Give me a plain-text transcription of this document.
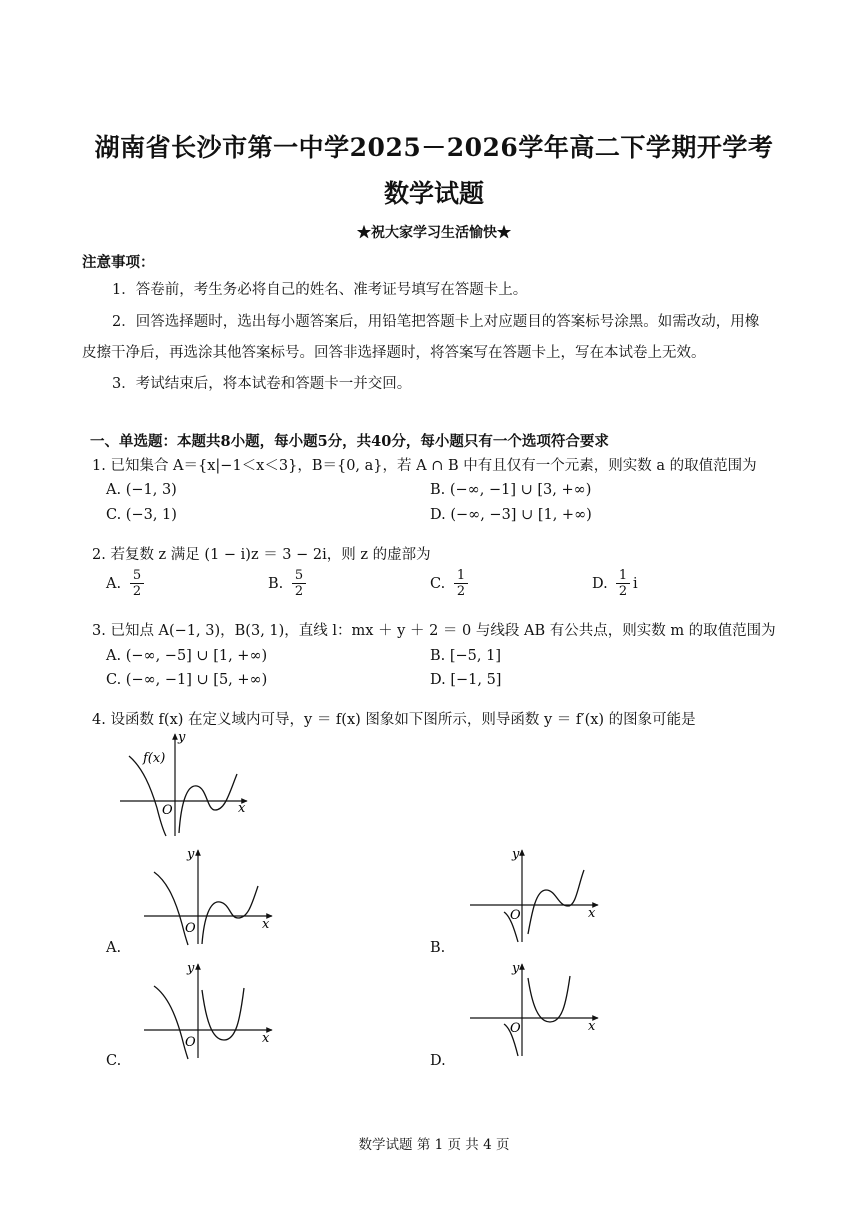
湖南省长沙市第一中学2025－2026学年高二下学期开学考
数学试题
★祝大家学习生活愉快★
注意事项：
1．答卷前，考生务必将自己的姓名、准考证号填写在答题卡上。
2．回答选择题时，选出每小题答案后，用铅笔把答题卡上对应题目的答案标号涂黑。如需改动，用橡
皮擦干净后，再选涂其他答案标号。回答非选择题时，将答案写在答题卡上，写在本试卷上无效。
3．考试结束后，将本试卷和答题卡一并交回。
一、单选题：本题共8小题，每小题5分，共40分，每小题只有一个选项符合要求
1. 已知集合 A＝{x|−1＜x＜3}，B＝{0, a}，若 A ∩ B 中有且仅有一个元素，则实数 a 的取值范围为
A. (−1, 3)	B. (−∞, −1] ∪ [3, +∞)
C. (−3, 1)	D. (−∞, −3] ∪ [1, +∞)
2. 若复数 z 满足 (1 − i)z ＝ 3 − 2i，则 z 的虚部为
A. $\frac{5}{2}$	B. $\frac{5}{2}$	C. $\frac{1}{2}$	D. $\frac{1}{2}$ i
3. 已知点 A(−1, 3)，B(3, 1)，直线 l：mx ＋ y ＋ 2 ＝ 0 与线段 AB 有公共点，则实数 m 的取值范围为
A. (−∞, −5] ∪ [1, +∞)	B. [−5, 1]
C. (−∞, −1] ∪ [5, +∞)	D. [−1, 5]
4. 设函数 f(x) 在定义域内可导，y ＝ f(x) 图象如下图所示，则导函数 y ＝ f′(x) 的图象可能是
y
x
O
f(x)
A.
y
x
O
B.
y
x
O
C.
y
x
O
D.
y
x
O
数学试题 第 1 页 共 4 页
